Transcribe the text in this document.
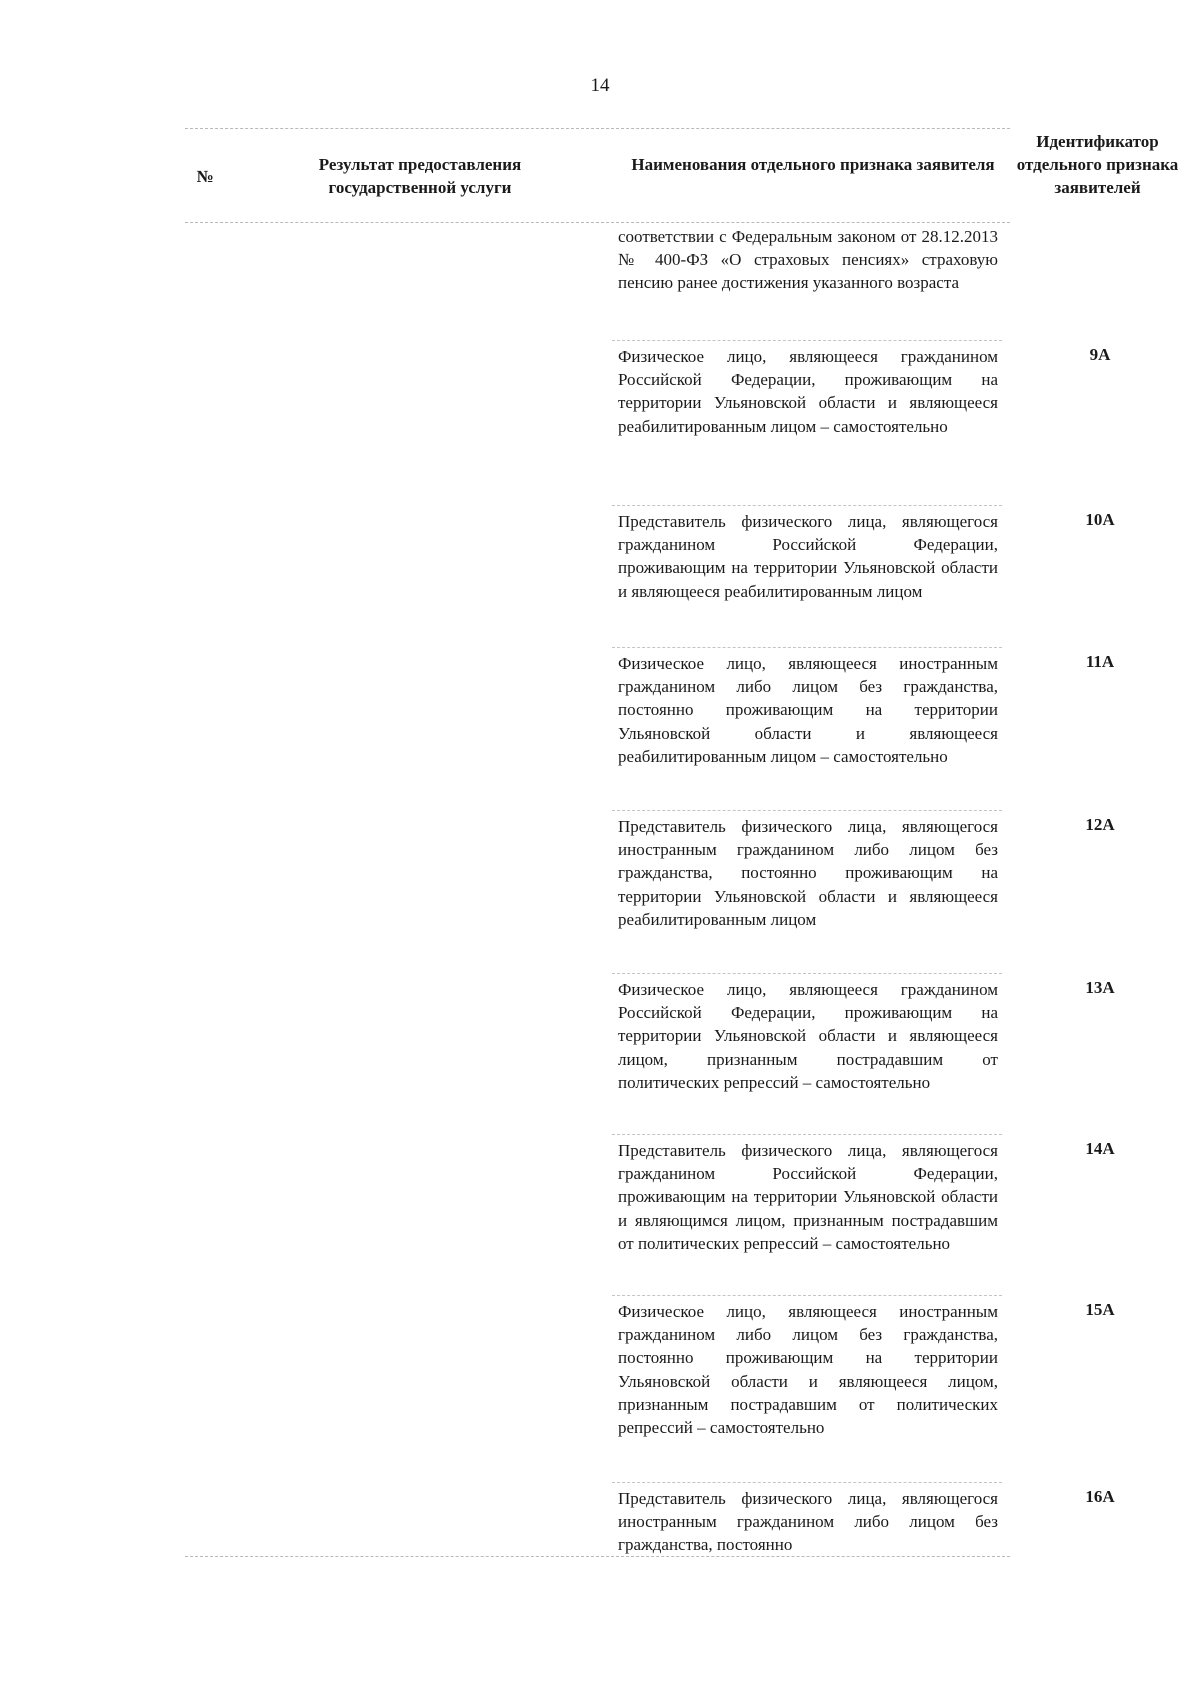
14
№
Результат предоставления государственной услуги
Наименования отдельного признака заявителя
Идентификатор отдельного признака заявителей
соответствии с Федеральным законом от 28.12.2013 № 400-ФЗ «О страховых пенсиях» страховую пенсию ранее достижения указанного возраста
Физическое лицо, являющееся гражданином Российской Федерации, проживающим на территории Ульяновской области и являющееся реабилитированным лицом – самостоятельно
9А
Представитель физического лица, являющегося гражданином Российской Федерации, проживающим на территории Ульяновской области и являющееся реабилитированным лицом
10А
Физическое лицо, являющееся иностранным гражданином либо лицом без гражданства, постоянно проживающим на территории Ульяновской области и являющееся реабилитированным лицом – самостоятельно
11А
Представитель физического лица, являющегося иностранным гражданином либо лицом без гражданства, постоянно проживающим на территории Ульяновской области и являющееся реабилитированным лицом
12А
Физическое лицо, являющееся гражданином Российской Федерации, проживающим на территории Ульяновской области и являющееся лицом, признанным пострадавшим от политических репрессий – самостоятельно
13А
Представитель физического лица, являющегося гражданином Российской Федерации, проживающим на территории Ульяновской области и являющимся лицом, признанным пострадавшим от политических репрессий – самостоятельно
14А
Физическое лицо, являющееся иностранным гражданином либо лицом без гражданства, постоянно проживающим на территории Ульяновской области и являющееся лицом, признанным пострадавшим от политических репрессий – самостоятельно
15А
Представитель физического лица, являющегося иностранным гражданином либо лицом без гражданства, постоянно
16А
